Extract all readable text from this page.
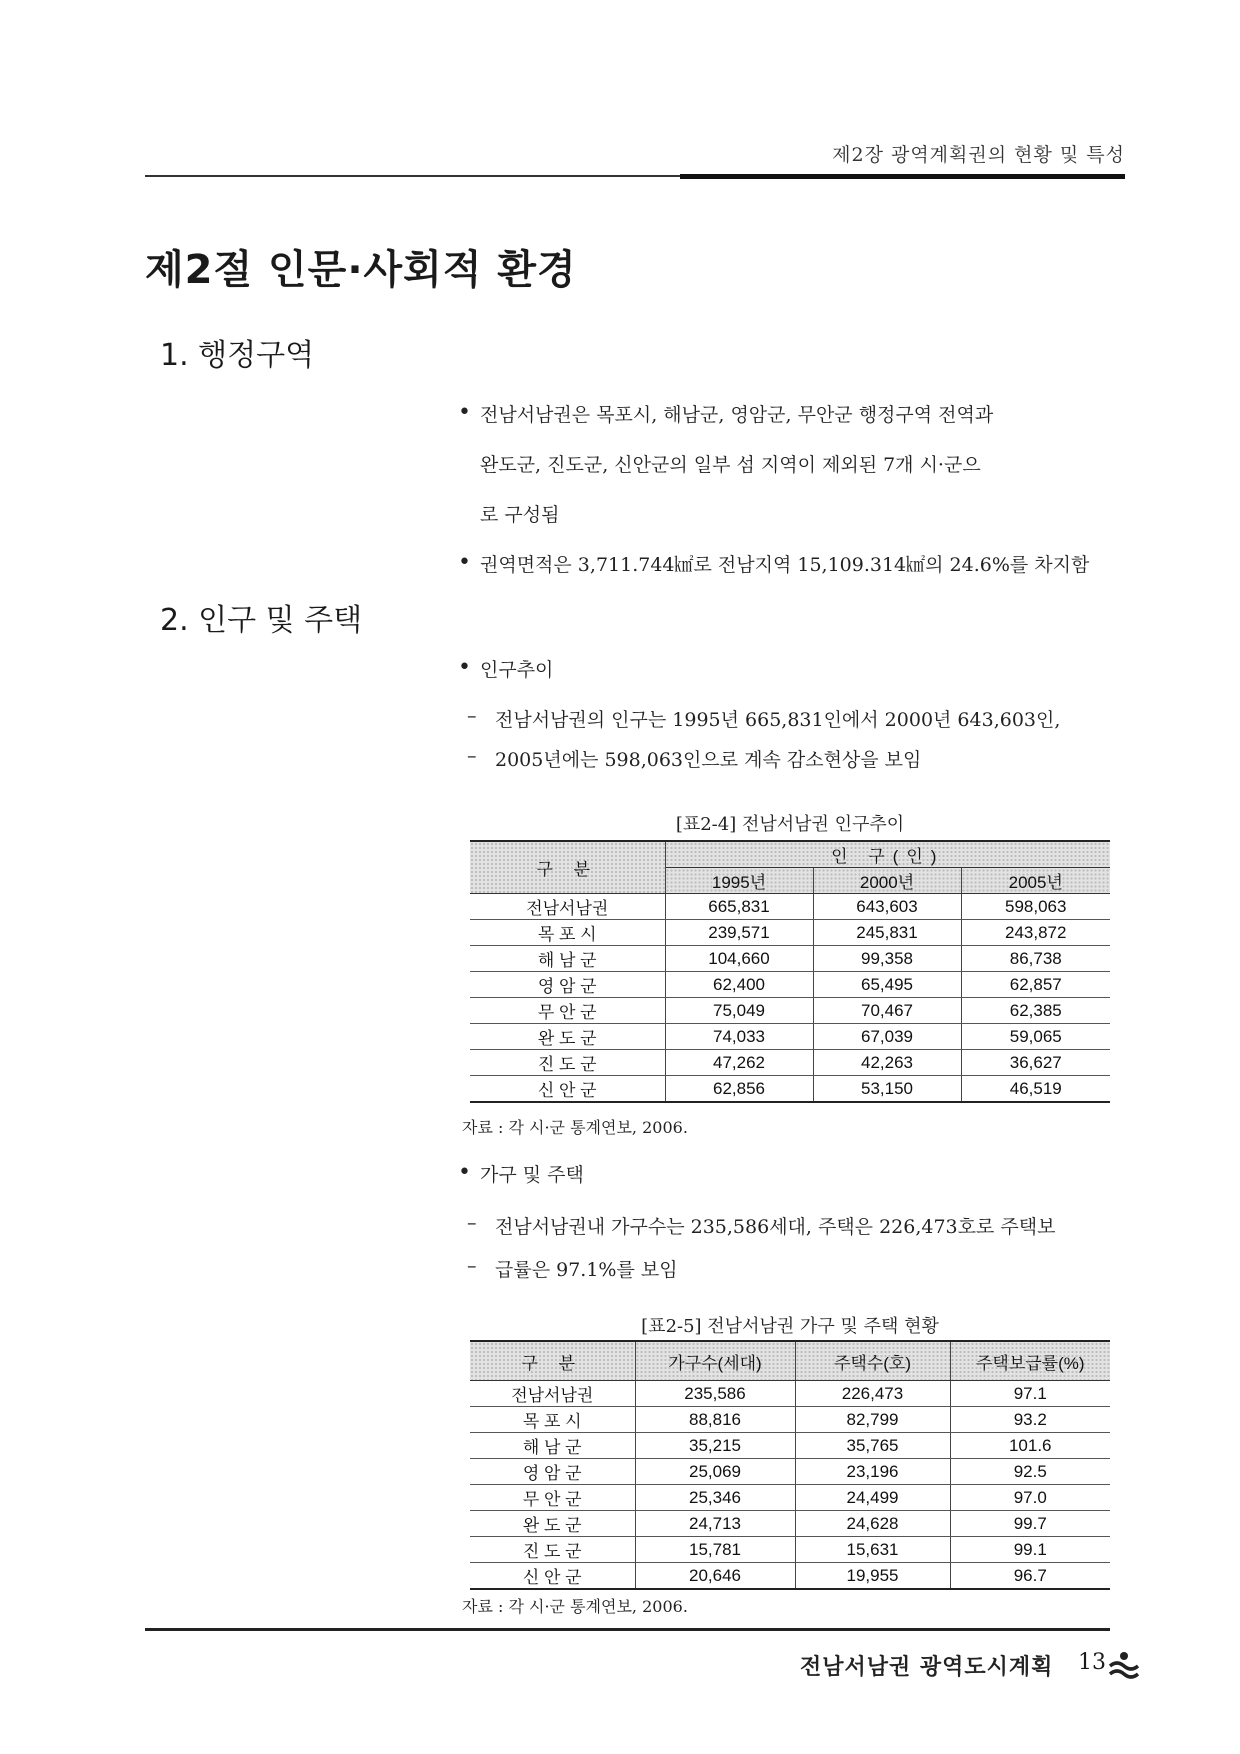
제2장 광역계획권의 현황 및 특성
제2절 인문·사회적 환경
1. 행정구역
• 전남서남권은 목포시, 해남군, 영암군, 무안군 행정구역 전역과
완도군, 진도군, 신안군의 일부 섬 지역이 제외된 7개 시·군으
로 구성됨
• 권역면적은 3,711.744㎢로 전남지역 15,109.314㎢의 24.6%를 차지함
2. 인구 및 주택
• 인구추이
– 전남서남권의 인구는 1995년 665,831인에서 2000년 643,603인,
– 2005년에는 598,063인으로 계속 감소현상을 보임
[표2-4] 전남서남권 인구추이
구 분	인 구(인)		
	1995년	2000년	2005년
전남서남권	665,831	643,603	598,063
목 포 시	239,571	245,831	243,872
해 남 군	104,660	99,358	86,738
영 암 군	62,400	65,495	62,857
무 안 군	75,049	70,467	62,385
완 도 군	74,033	67,039	59,065
진 도 군	47,262	42,263	36,627
신 안 군	62,856	53,150	46,519
자료 : 각 시·군 통계연보, 2006.
• 가구 및 주택
– 전남서남권내 가구수는 235,586세대, 주택은 226,473호로 주택보
– 급률은 97.1%를 보임
[표2-5] 전남서남권 가구 및 주택 현황
구 분	가구수(세대)	주택수(호)	주택보급률(%)
전남서남권	235,586	226,473	97.1
목 포 시	88,816	82,799	93.2
해 남 군	35,215	35,765	101.6
영 암 군	25,069	23,196	92.5
무 안 군	25,346	24,499	97.0
완 도 군	24,713	24,628	99.7
진 도 군	15,781	15,631	99.1
신 안 군	20,646	19,955	96.7
자료 : 각 시·군 통계연보, 2006.
전남서남권 광역도시계획 13
